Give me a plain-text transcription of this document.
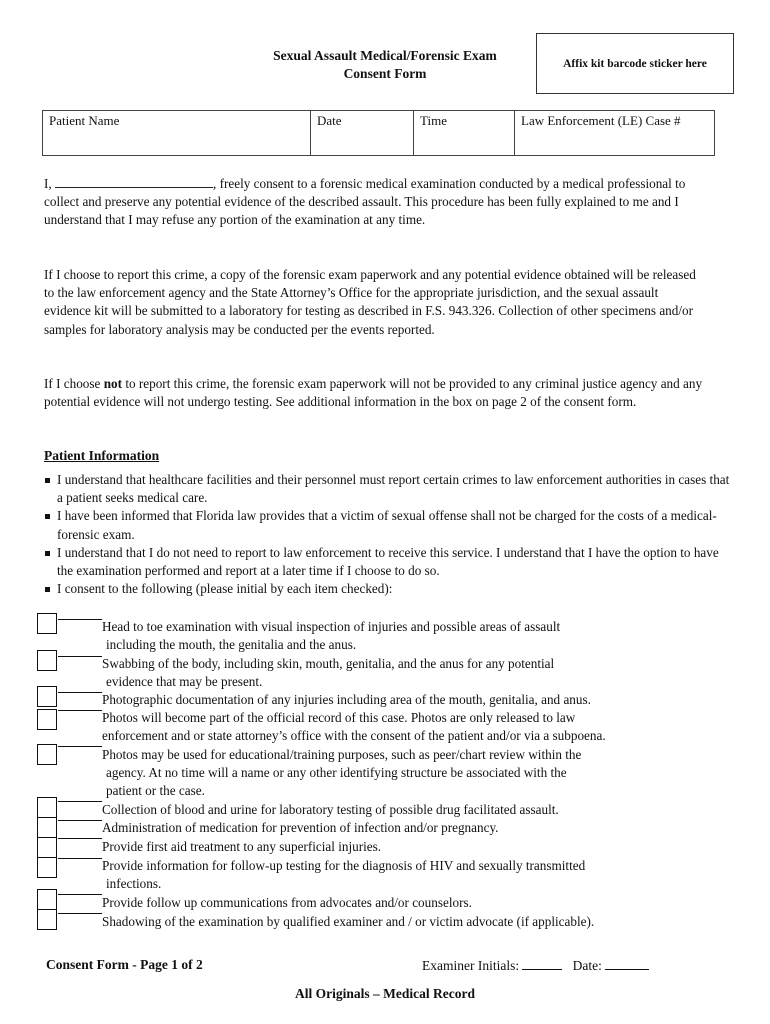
Sexual Assault Medical/Forensic Exam
Consent Form
Affix kit barcode sticker here
Patient Name	Date	Time	Law Enforcement (LE) Case #
I,	, freely consent to a forensic medical examination conducted by a medical professional to collect and preserve any potential evidence of the described assault. This procedure has been fully explained to me and I understand that I may refuse any portion of the examination at any time.
If I choose to report this crime, a copy of the forensic exam paperwork and any potential evidence obtained will be released to the law enforcement agency and the State Attorney’s Office for the appropriate jurisdiction, and the sexual assault evidence kit will be submitted to a laboratory for testing as described in F.S. 943.326. Collection of other specimens and/or samples for laboratory analysis may be conducted per the events reported.
If I choose not to report this crime, the forensic exam paperwork will not be provided to any criminal justice agency and any potential evidence will not undergo testing. See additional information in the box on page 2 of the consent form.
Patient Information
I understand that healthcare facilities and their personnel must report certain crimes to law enforcement authorities in cases that a patient seeks medical care.
I have been informed that Florida law provides that a victim of sexual offense shall not be charged for the costs of a medical-forensic exam.
I understand that I do not need to report to law enforcement to receive this service. I understand that I have the option to have the examination performed and report at a later time if I choose to do so.
I consent to the following (please initial by each item checked):
Head to toe examination with visual inspection of injuries and possible areas of assault
including the mouth, the genitalia and the anus.
Swabbing of the body, including skin, mouth, genitalia, and the anus for any potential
evidence that may be present.
Photographic documentation of any injuries including area of the mouth, genitalia, and anus.
Photos will become part of the official record of this case. Photos are only released to law
enforcement and or state attorney’s office with the consent of the patient and/or via a subpoena.
Photos may be used for educational/training purposes, such as peer/chart review within the
agency. At no time will a name or any other identifying structure be associated with the
patient or the case.
Collection of blood and urine for laboratory testing of possible drug facilitated assault.
Administration of medication for prevention of infection and/or pregnancy.
Provide first aid treatment to any superficial injuries.
Provide information for follow-up testing for the diagnosis of HIV and sexually transmitted
infections.
Provide follow up communications from advocates and/or counselors.
Shadowing of the examination by qualified examiner and / or victim advocate (if applicable).
Consent Form - Page 1 of 2	Examiner Initials:	Date:
All Originals – Medical Record
